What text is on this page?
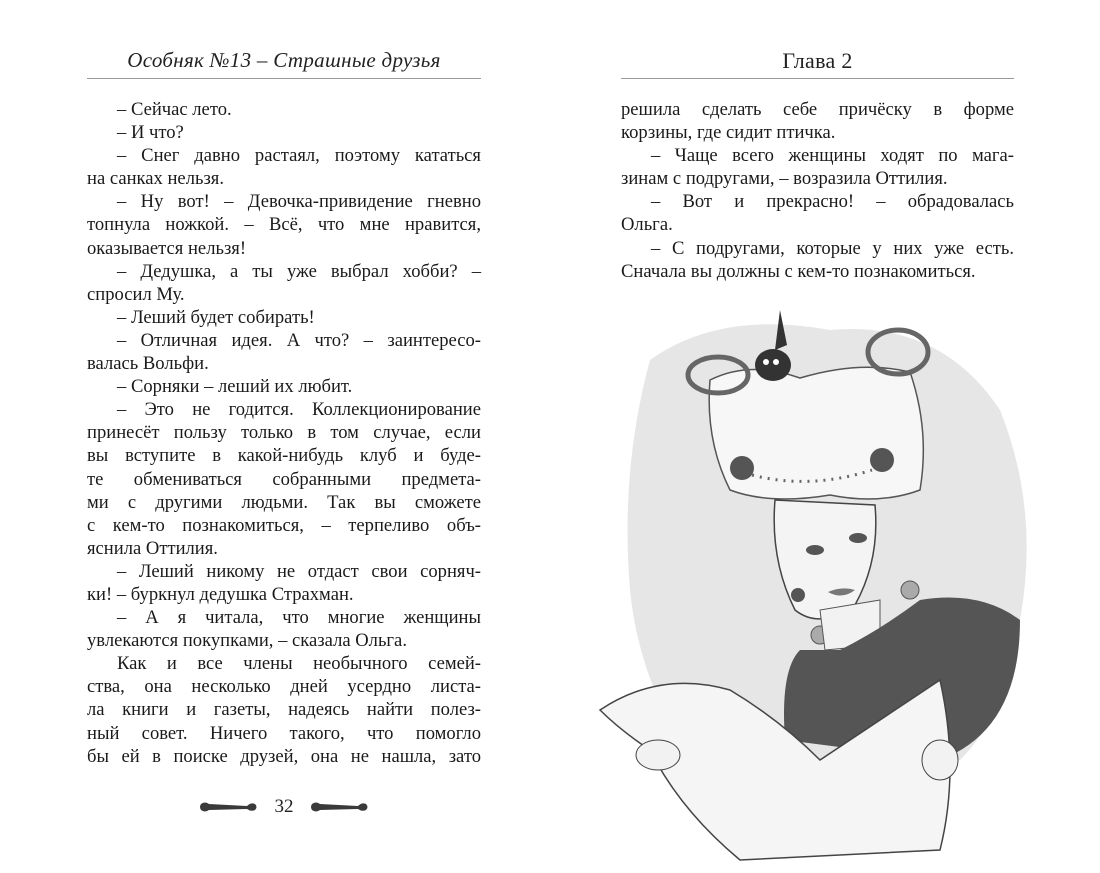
Особняк №13 – Страшные друзья
– Сейчас лето.
– И что?
– Снег давно растаял, поэтому кататься
на санках нельзя.
– Ну вот! – Девочка-привидение гневно
топнула ножкой. – Всё, что мне нравится,
оказывается нельзя!
– Дедушка, а ты уже выбрал хобби? –
спросил Му.
– Леший будет собирать!
– Отличная идея. А что? – заинтересо-
валась Вольфи.
– Сорняки – леший их любит.
– Это не годится. Коллекционирование
принесёт пользу только в том случае, если
вы вступите в какой-нибудь клуб и буде-
те обмениваться собранными предмета-
ми с другими людьми. Так вы сможете
с кем-то познакомиться, – терпеливо объ-
яснила Оттилия.
– Леший никому не отдаст свои сорняч-
ки! – буркнул дедушка Страхман.
– А я читала, что многие женщины
увлекаются покупками, – сказала Ольга.
Как и все члены необычного семей-
ства, она несколько дней усердно листа-
ла книги и газеты, надеясь найти полез-
ный совет. Ничего такого, что помогло
бы ей в поиске друзей, она не нашла, зато
32
Глава 2
решила сделать себе причёску в форме
корзины, где сидит птичка.
– Чаще всего женщины ходят по мага-
зинам с подругами, – возразила Оттилия.
– Вот и прекрасно! – обрадовалась
Ольга.
– С подругами, которые у них уже есть.
Сначала вы должны с кем-то познакомиться.
